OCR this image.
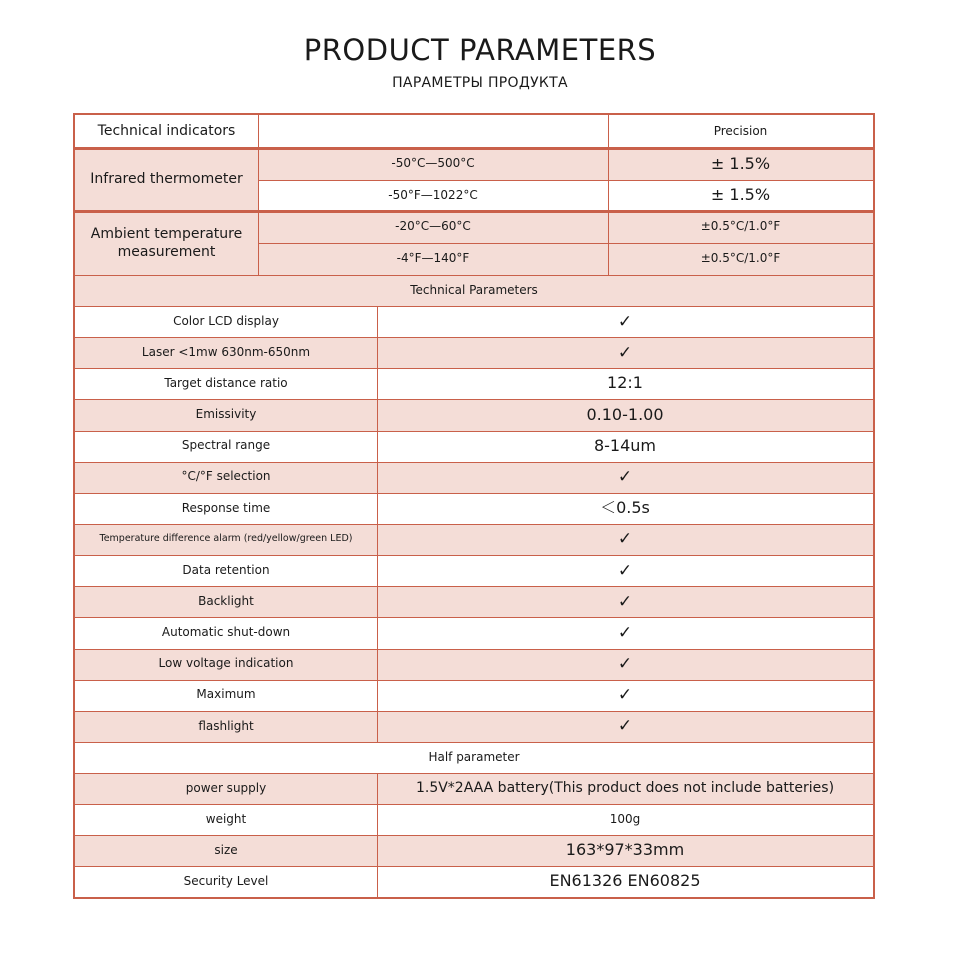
PRODUCT PARAMETERS
ПАРАМЕТРЫ ПРОДУКТА
Technical indicators	Precision
Infrared thermometer
-50°C—500°C	± 1.5%
-50°F—1022°C	± 1.5%
Ambient temperature measurement
-20°C—60°C	±0.5°C/1.0°F
-4°F—140°F	±0.5°C/1.0°F
Technical Parameters
Color LCD display	✓
Laser <1mw 630nm-650nm	✓
Target distance ratio	12:1
Emissivity	0.10-1.00
Spectral range	8-14um
°C/°F selection	✓
Response time	＜0.5s
Temperature difference alarm (red/yellow/green LED)	✓
Data retention	✓
Backlight	✓
Automatic shut-down	✓
Low voltage indication	✓
Maximum	✓
flashlight	✓
Half parameter
power supply	1.5V*2AAA battery(This product does not include batteries)
weight	100g
size	163*97*33mm
Security Level	EN61326 EN60825
